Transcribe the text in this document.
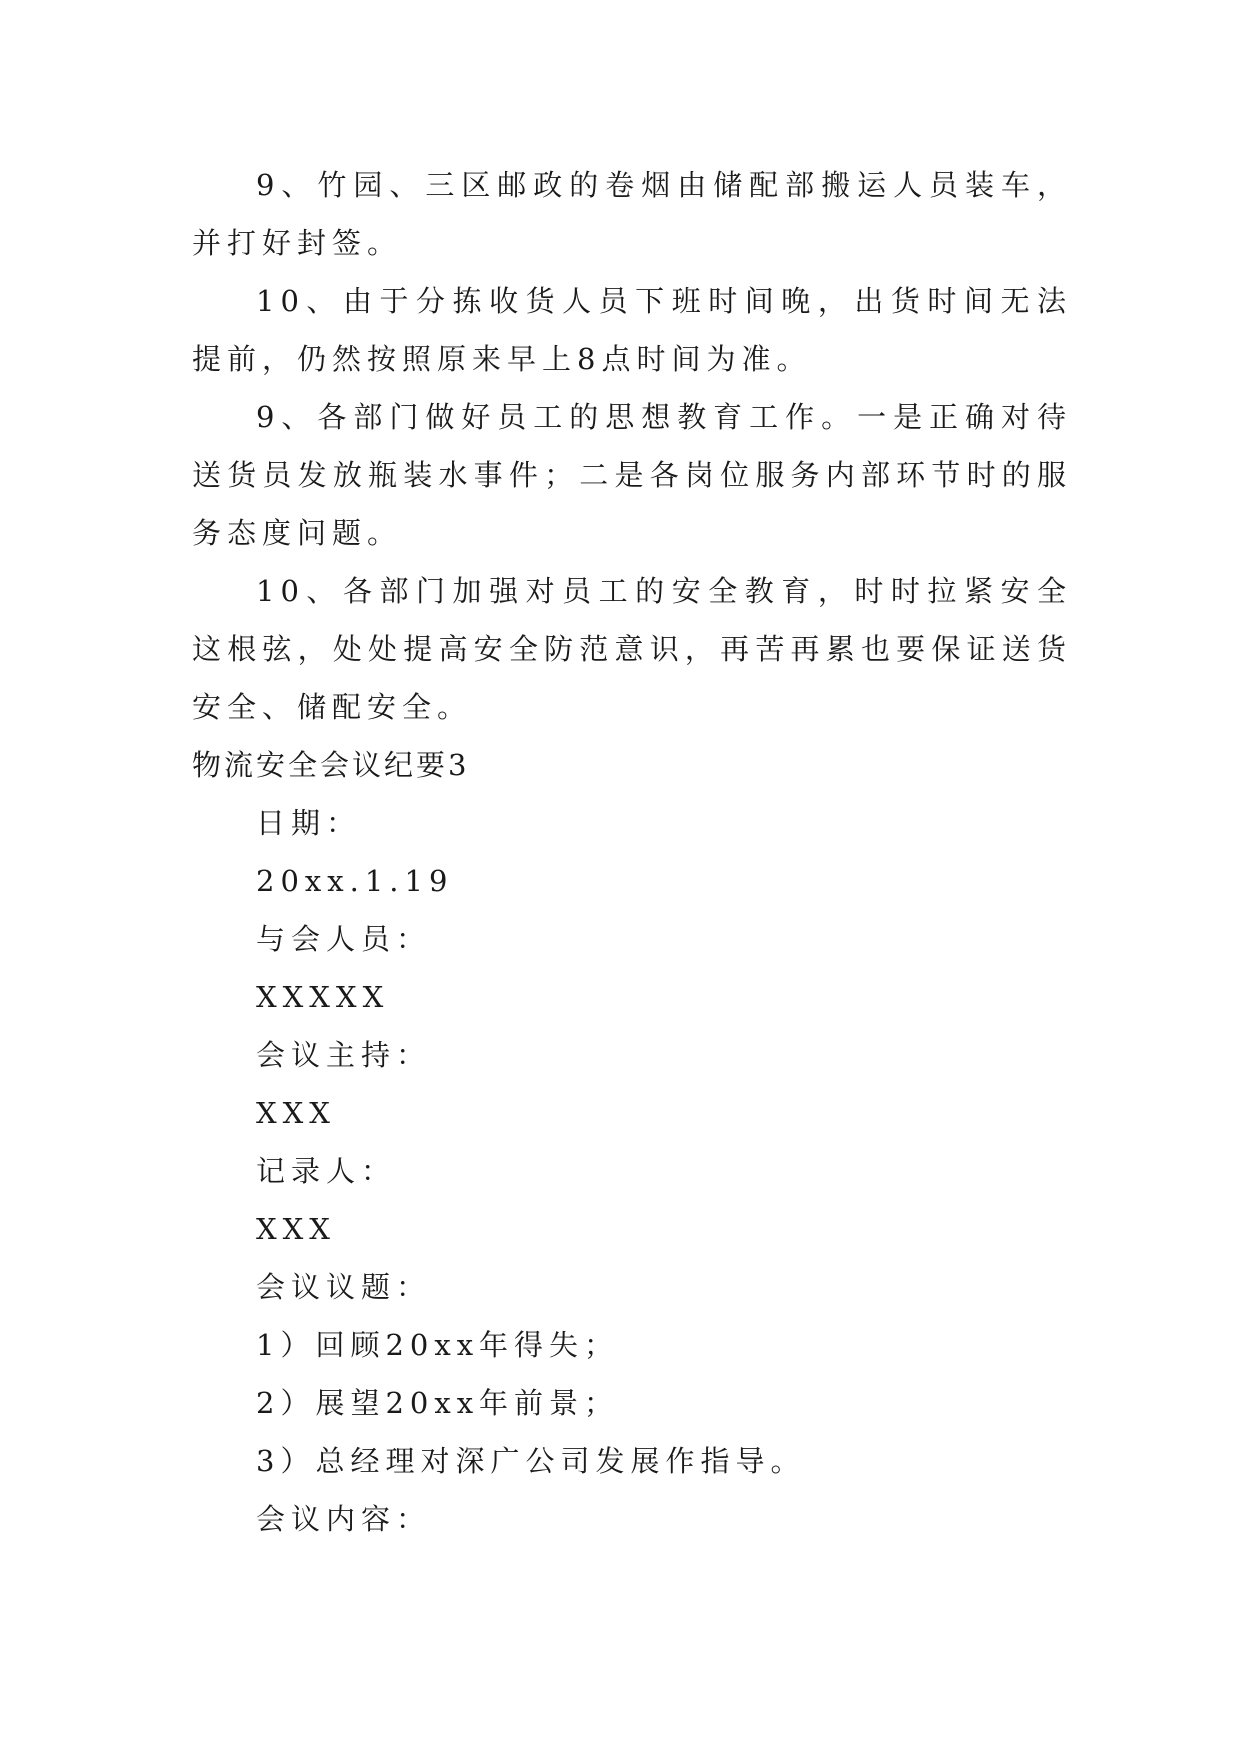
9、竹园、三区邮政的卷烟由储配部搬运人员装车，并打好封签。

10、由于分拣收货人员下班时间晚，出货时间无法提前，仍然按照原来早上8点时间为准。

9、各部门做好员工的思想教育工作。一是正确对待送货员发放瓶装水事件；二是各岗位服务内部环节时的服务态度问题。

10、各部门加强对员工的安全教育，时时拉紧安全这根弦，处处提高安全防范意识，再苦再累也要保证送货安全、储配安全。

物流安全会议纪要3

日期：

20xx.1.19

与会人员：

XXXXX

会议主持：

XXX

记录人：

XXX

会议议题：

1）回顾20xx年得失；

2）展望20xx年前景；

3）总经理对深广公司发展作指导。

会议内容：
